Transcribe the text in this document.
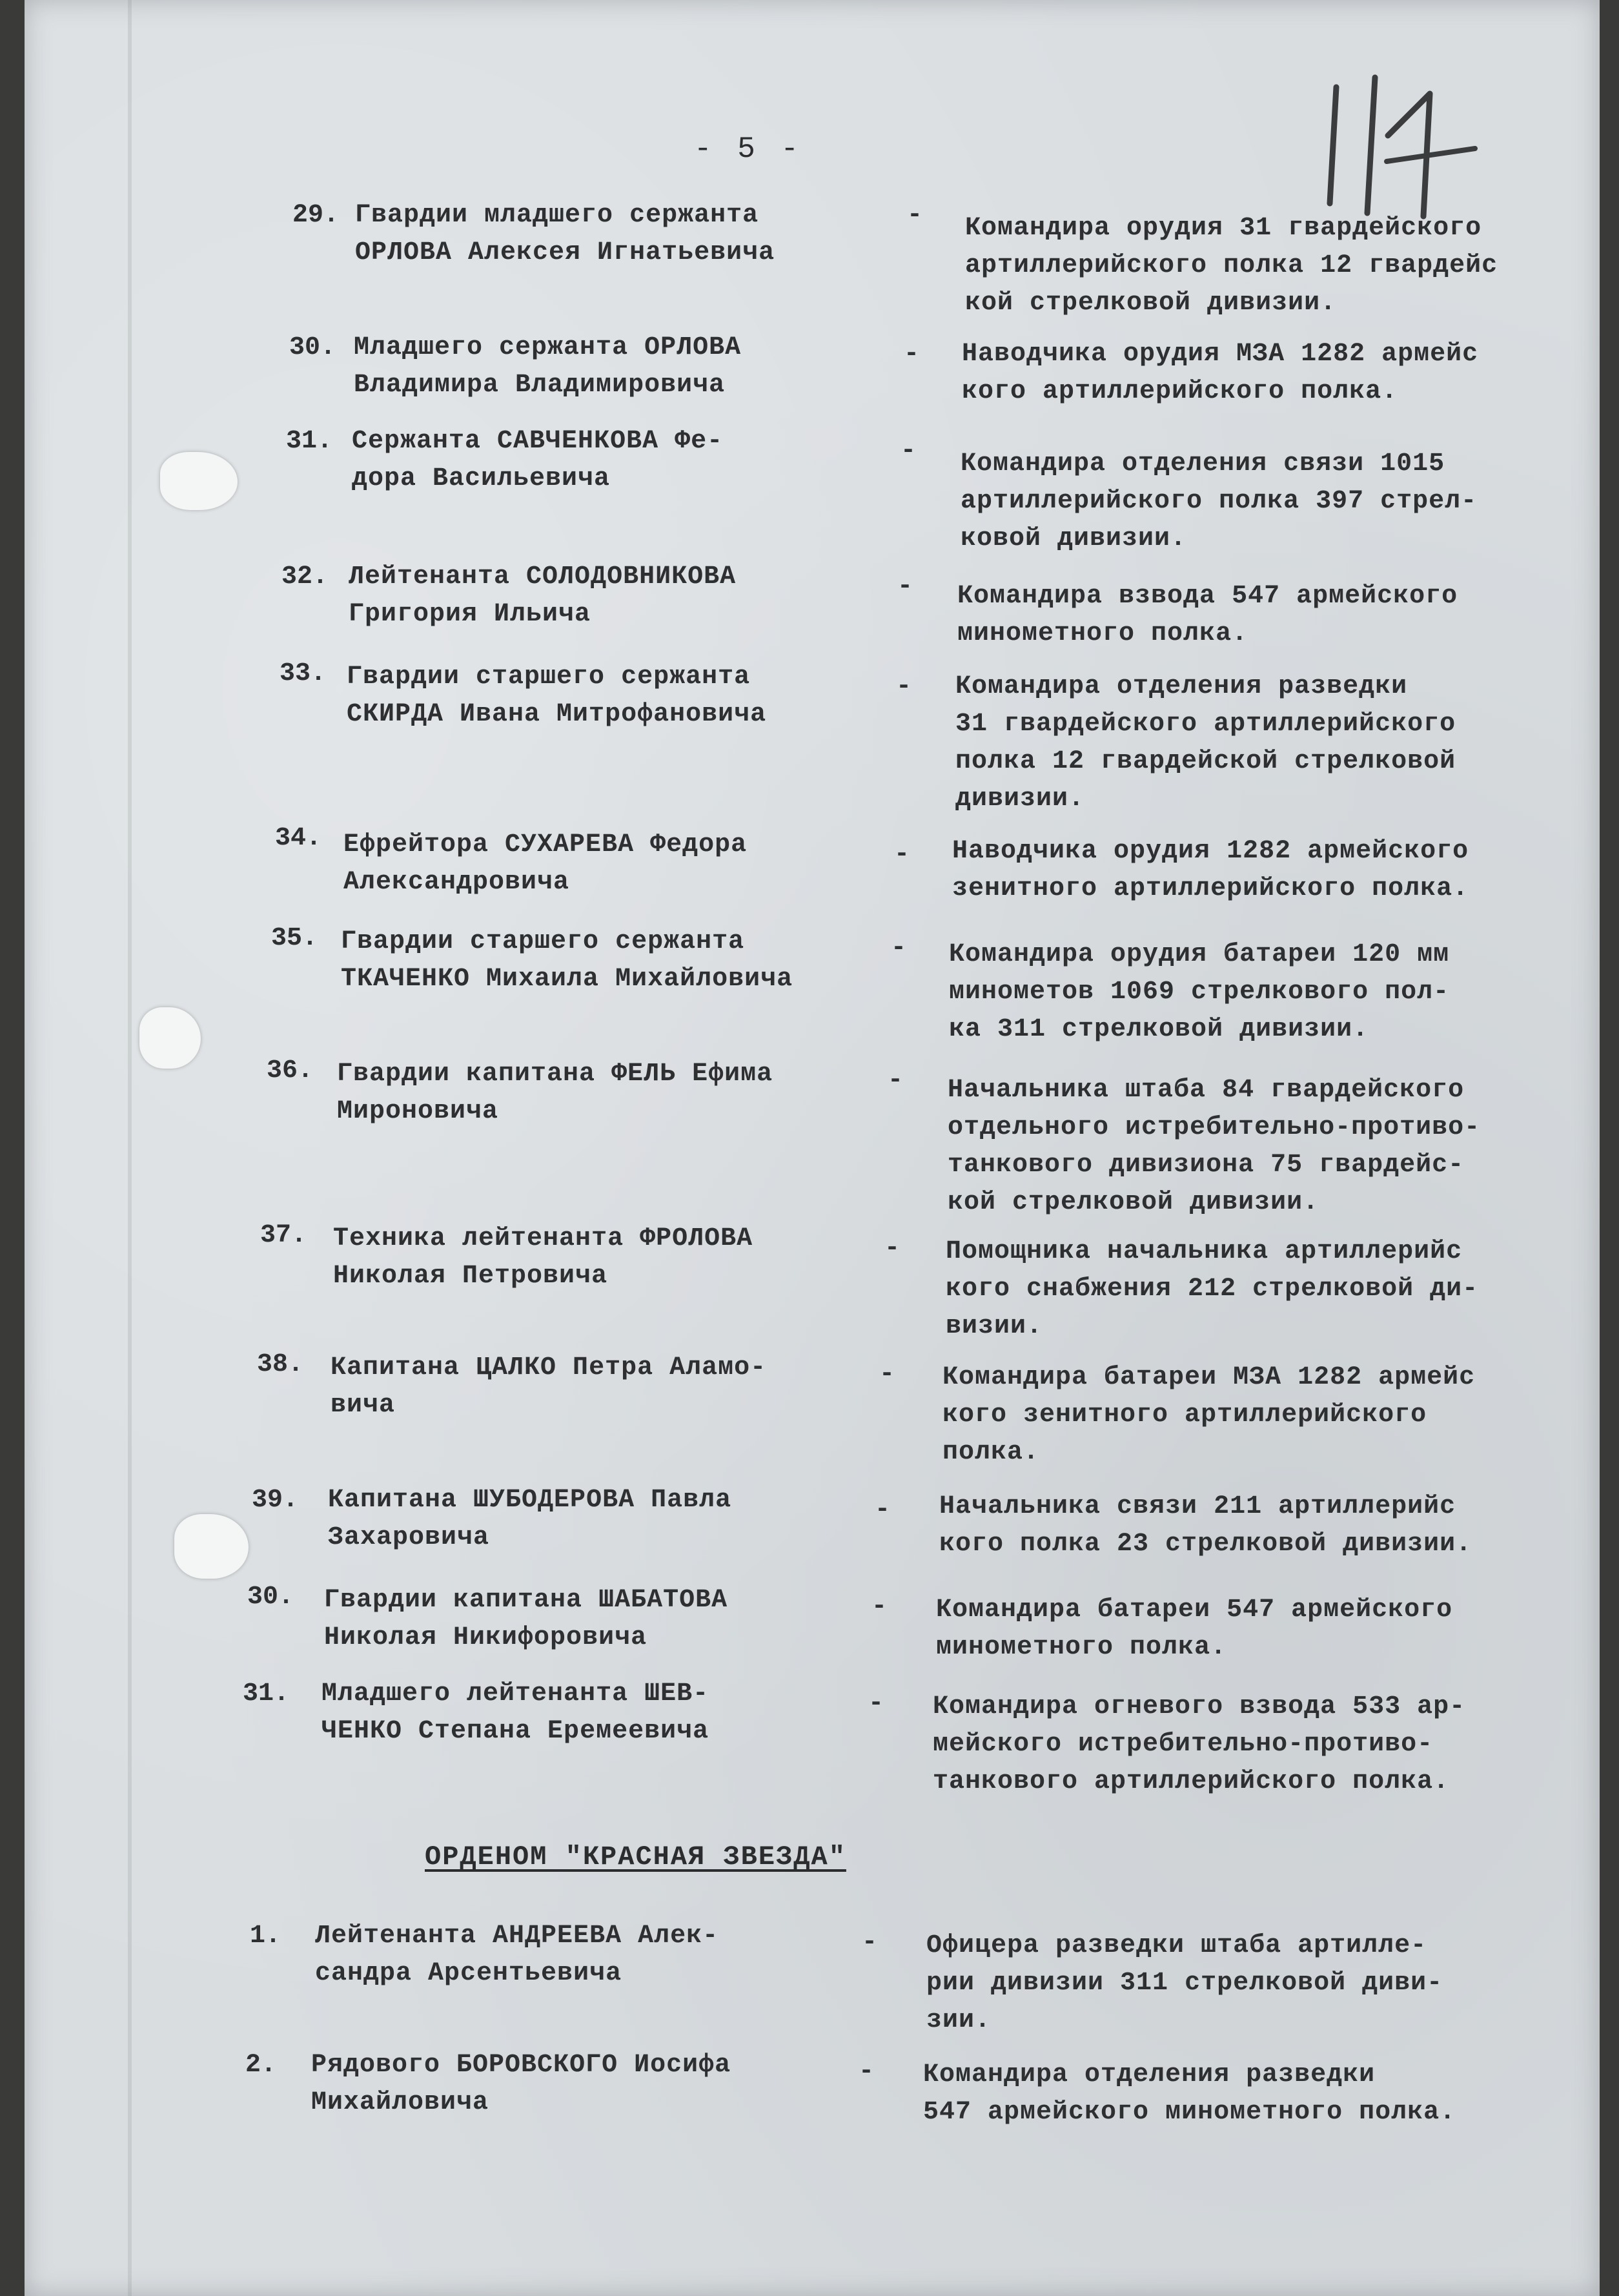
- 5 -
29. Гвардии младшего сержанта
ОРЛОВА Алексея Игнатьевича
- Командира орудия 31 гвардейского
артиллерийского полка 12 гвардейс
кой стрелковой дивизии.
30. Младшего сержанта ОРЛОВА
Владимира Владимировича
- Наводчика орудия МЗА 1282 армейс
кого артиллерийского полка.
31. Сержанта САВЧЕНКОВА Фе-
дора Васильевича
- Командира отделения связи 1015
артиллерийского полка 397 стрел-
ковой дивизии.
32. Лейтенанта СОЛОДОВНИКОВА
Григория Ильича
- Командира взвода 547 армейского
минометного полка.
33. Гвардии старшего сержанта
СКИРДА Ивана Митрофановича
- Командира отделения разведки
31 гвардейского артиллерийского
полка 12 гвардейской стрелковой
дивизии.
34. Ефрейтора СУХАРЕВА Федора
Александровича
- Наводчика орудия 1282 армейского
зенитного артиллерийского полка.
35. Гвардии старшего сержанта
ТКАЧЕНКО Михаила Михайловича
- Командира орудия батареи 120 мм
минометов 1069 стрелкового пол-
ка 311 стрелковой дивизии.
36. Гвардии капитана ФЕЛЬ Ефима
Мироновича
- Начальника штаба 84 гвардейского
отдельного истребительно-противо-
танкового дивизиона 75 гвардейс-
кой стрелковой дивизии.
37. Техника лейтенанта ФРОЛОВА
Николая Петровича
- Помощника начальника артиллерийс
кого снабжения 212 стрелковой ди-
визии.
38. Капитана ЦАЛКО Петра Аламо-
вича
- Командира батареи МЗА 1282 армейс
кого зенитного артиллерийского
полка.
39. Капитана ШУБОДЕРОВА Павла
Захаровича
- Начальника связи 211 артиллерийс
кого полка 23 стрелковой дивизии.
30. Гвардии капитана ШАБАТОВА
Николая Никифоровича
- Командира батареи 547 армейского
минометного полка.
31. Младшего лейтенанта ШЕВ-
ЧЕНКО Степана Еремеевича
- Командира огневого взвода 533 ар-
мейского истребительно-противо-
танкового артиллерийского полка.
ОРДЕНОМ "КРАСНАЯ ЗВЕЗДА"
1. Лейтенанта АНДРЕЕВА Алек-
сандра Арсентьевича
- Офицера разведки штаба артилле-
рии дивизии 311 стрелковой диви-
зии.
2. Рядового БОРОВСКОГО Иосифа
Михайловича
- Командира отделения разведки
547 армейского минометного полка.
